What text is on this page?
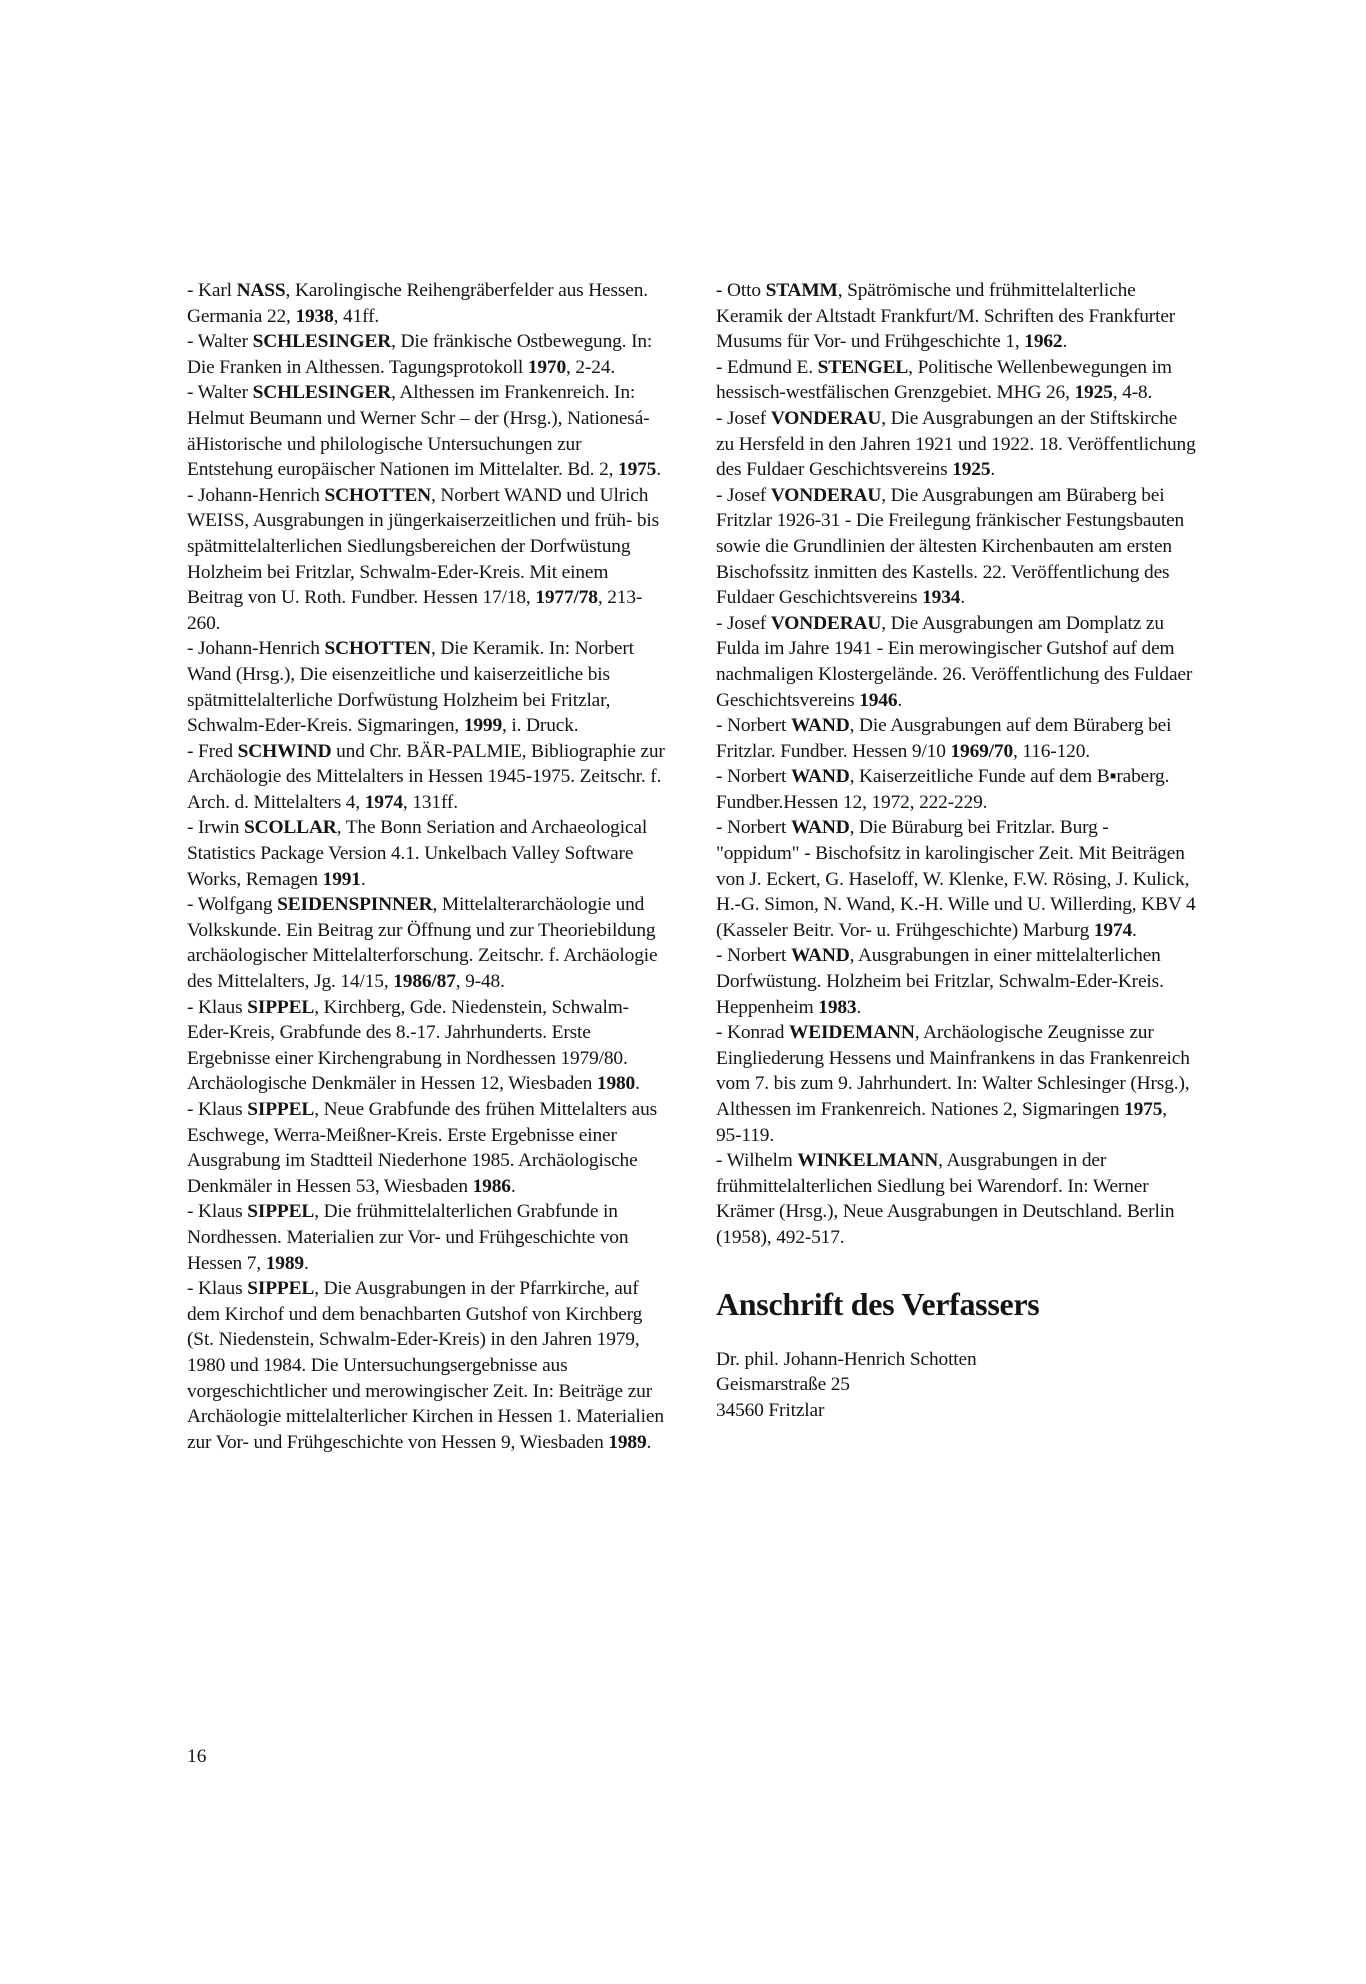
- Karl NASS, Karolingische Reihengräberfelder aus Hessen. Germania 22, 1938, 41ff.

- Walter SCHLESINGER, Die fränkische Ostbewegung. In: Die Franken in Althessen. Tagungsprotokoll 1970, 2-24.

- Walter SCHLESINGER, Althessen im Frankenreich. In: Helmut Beumann und Werner Schr – der (Hrsg.), Nationesá-äHistorische und philologische Untersuchungen zur Entstehung europäischer Nationen im Mittelalter. Bd. 2, 1975.

- Johann-Henrich SCHOTTEN, Norbert WAND und Ulrich WEISS, Ausgrabungen in jüngerkaiserzeitlichen und früh- bis spätmittelalterlichen Siedlungsbereichen der Dorfwüstung Holzheim bei Fritzlar, Schwalm-Eder-Kreis. Mit einem Beitrag von U. Roth. Fundber. Hessen 17/18, 1977/78, 213-260.

- Johann-Henrich SCHOTTEN, Die Keramik. In: Norbert Wand (Hrsg.), Die eisenzeitliche und kaiserzeitliche bis spätmittelalterliche Dorfwüstung Holzheim bei Fritzlar, Schwalm-Eder-Kreis. Sigmaringen, 1999, i. Druck.

- Fred SCHWIND und Chr. BÄR-PALMIE, Bibliographie zur Archäologie des Mittelalters in Hessen 1945-1975. Zeitschr. f. Arch. d. Mittelalters 4, 1974, 131ff.

- Irwin SCOLLAR, The Bonn Seriation and Archaeological Statistics Package Version 4.1. Unkelbach Valley Software Works, Remagen 1991.

- Wolfgang SEIDENSPINNER, Mittelalterarchäologie und Volkskunde. Ein Beitrag zur Öffnung und zur Theoriebildung archäologischer Mittelalterforschung. Zeitschr. f. Archäologie des Mittelalters, Jg. 14/15, 1986/87, 9-48.

- Klaus SIPPEL, Kirchberg, Gde. Niedenstein, Schwalm-Eder-Kreis, Grabfunde des 8.-17. Jahrhunderts. Erste Ergebnisse einer Kirchengrabung in Nordhessen 1979/80. Archäologische Denkmäler in Hessen 12, Wiesbaden 1980.

- Klaus SIPPEL, Neue Grabfunde des frühen Mittelalters aus Eschwege, Werra-Meißner-Kreis. Erste Ergebnisse einer Ausgrabung im Stadtteil Niederhone 1985. Archäologische Denkmäler in Hessen 53, Wiesbaden 1986.

- Klaus SIPPEL, Die frühmittelalterlichen Grabfunde in Nordhessen. Materialien zur Vor- und Frühgeschichte von Hessen 7, 1989.

- Klaus SIPPEL, Die Ausgrabungen in der Pfarrkirche, auf dem Kirchof und dem benachbarten Gutshof von Kirchberg (St. Niedenstein, Schwalm-Eder-Kreis) in den Jahren 1979, 1980 und 1984. Die Untersuchungsergebnisse aus vorgeschichtlicher und merowingischer Zeit. In: Beiträge zur Archäologie mittelalterlicher Kirchen in Hessen 1. Materialien zur Vor- und Frühgeschichte von Hessen 9, Wiesbaden 1989.

- Otto STAMM, Spätrömische und frühmittelalterliche Keramik der Altstadt Frankfurt/M. Schriften des Frankfurter Musums für Vor- und Frühgeschichte 1, 1962.

- Edmund E. STENGEL, Politische Wellenbewegungen im hessisch-westfälischen Grenzgebiet. MHG 26, 1925, 4-8.

- Josef VONDERAU, Die Ausgrabungen an der Stiftskirche zu Hersfeld in den Jahren 1921 und 1922. 18. Veröffentlichung des Fuldaer Geschichtsvereins 1925.

- Josef VONDERAU, Die Ausgrabungen am Büraberg bei Fritzlar 1926-31 - Die Freilegung fränkischer Festungsbauten sowie die Grundlinien der ältesten Kirchenbauten am ersten Bischofssitz inmitten des Kastells. 22. Veröffentlichung des Fuldaer Geschichtsvereins 1934.

- Josef VONDERAU, Die Ausgrabungen am Domplatz zu Fulda im Jahre 1941 - Ein merowingischer Gutshof auf dem nachmaligen Klostergelände. 26. Veröffentlichung des Fuldaer Geschichtsvereins 1946.

- Norbert WAND, Die Ausgrabungen auf dem Büraberg bei Fritzlar. Fundber. Hessen 9/10 1969/70, 116-120.

- Norbert WAND, Kaiserzeitliche Funde auf dem B▪raberg. Fundber.Hessen 12, 1972, 222-229.

- Norbert WAND, Die Büraburg bei Fritzlar. Burg - "oppidum" - Bischofsitz in karolingischer Zeit. Mit Beiträgen von J. Eckert, G. Haseloff, W. Klenke, F.W. Rösing, J. Kulick, H.-G. Simon, N. Wand, K.-H. Wille und U. Willerding, KBV 4 (Kasseler Beitr. Vor- u. Frühgeschichte) Marburg 1974.

- Norbert WAND, Ausgrabungen in einer mittelalterlichen Dorfwüstung. Holzheim bei Fritzlar, Schwalm-Eder-Kreis. Heppenheim 1983.

- Konrad WEIDEMANN, Archäologische Zeugnisse zur Eingliederung Hessens und Mainfrankens in das Frankenreich vom 7. bis zum 9. Jahrhundert. In: Walter Schlesinger (Hrsg.), Althessen im Frankenreich. Nationes 2, Sigmaringen 1975, 95-119.

- Wilhelm WINKELMANN, Ausgrabungen in der frühmittelalterlichen Siedlung bei Warendorf. In: Werner Krämer (Hrsg.), Neue Ausgrabungen in Deutschland. Berlin (1958), 492-517.

Anschrift des Verfassers

Dr. phil. Johann-Henrich Schotten

Geismarstraße 25

34560 Fritzlar

16
